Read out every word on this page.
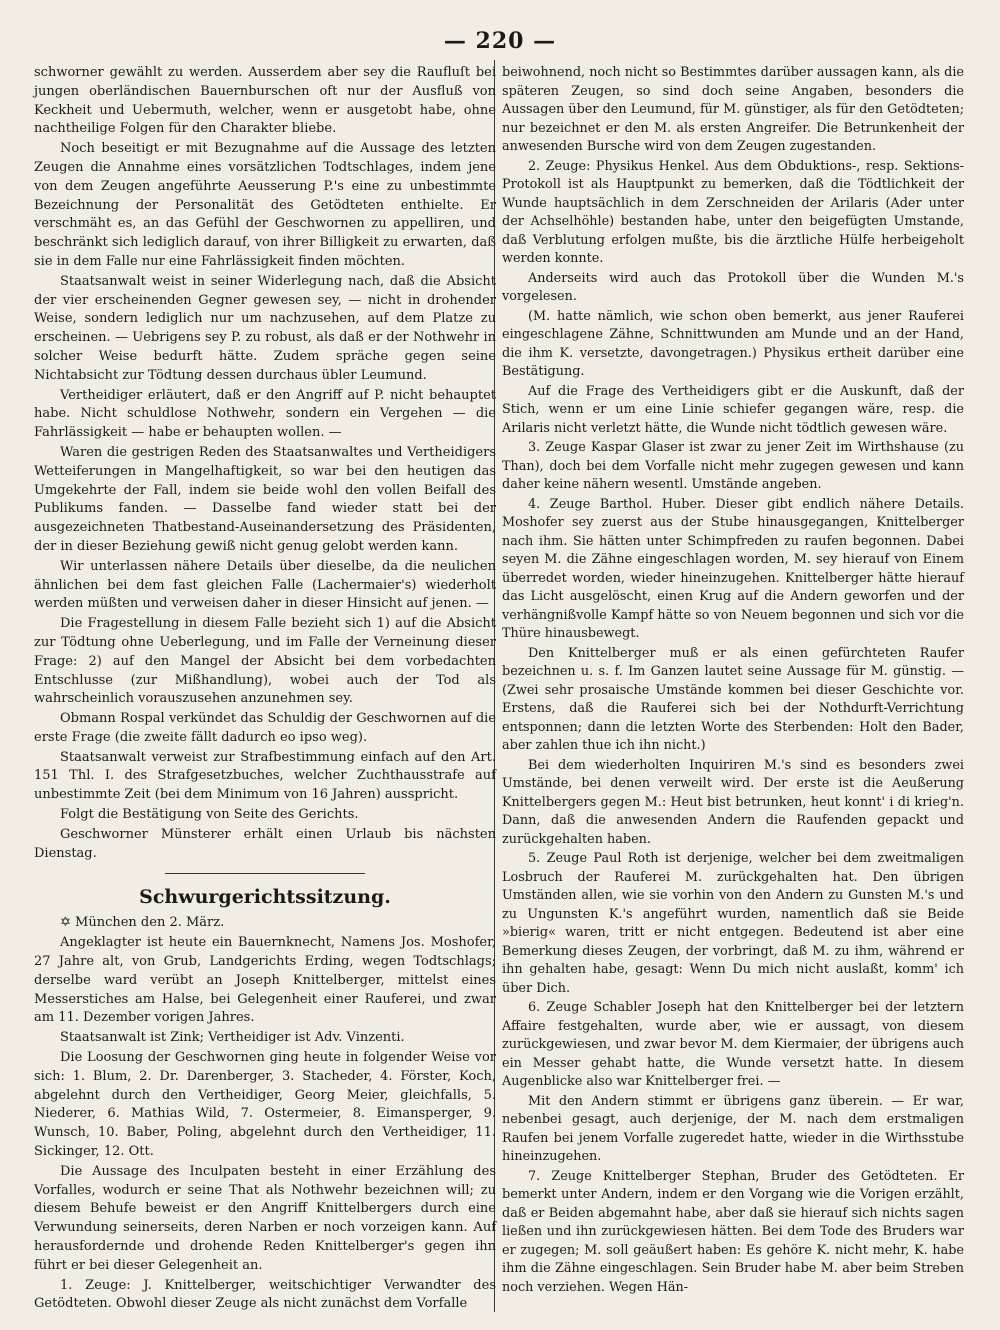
— 220 —

schworner gewählt zu werden. Ausserdem aber sey die Raufluſt bei jungen oberländischen Bauernburschen oft nur der Ausfluß von Keckheit und Uebermuth, welcher, wenn er ausgetobt habe, ohne nachtheilige Folgen für den Charakter bliebe.

Noch beseitigt er mit Bezugnahme auf die Aussage des letzten Zeugen die Annahme eines vorsätzlichen Todtschlages, indem jene von dem Zeugen angeführte Aeusserung P.'s eine zu unbestimmte Bezeichnung der Personalität des Getödteten enthielte. Er verschmäht es, an das Gefühl der Geschwornen zu appelliren, und beschränkt sich lediglich darauf, von ihrer Billigkeit zu erwarten, daß sie in dem Falle nur eine Fahrlässigkeit finden möchten.

Staatsanwalt weist in seiner Widerlegung nach, daß die Absicht der vier erscheinenden Gegner gewesen sey, — nicht in drohender Weise, sondern lediglich nur um nachzusehen, auf dem Platze zu erscheinen. — Uebrigens sey P. zu robust, als daß er der Nothwehr in solcher Weise bedurft hätte. Zudem spräche gegen seine Nichtabsicht zur Tödtung dessen durchaus übler Leumund.

Vertheidiger erläutert, daß er den Angriff auf P. nicht behauptet habe. Nicht schuldlose Nothwehr, sondern ein Vergehen — die Fahrlässigkeit — habe er behaupten wollen. —

Waren die gestrigen Reden des Staatsanwaltes und Vertheidigers Wetteiferungen in Mangelhaftigkeit, so war bei den heutigen das Umgekehrte der Fall, indem sie beide wohl den vollen Beifall des Publikums fanden. — Dasselbe fand wieder statt bei der ausgezeichneten Thatbestand-Auseinandersetzung des Präsidenten, der in dieser Beziehung gewiß nicht genug gelobt werden kann.

Wir unterlassen nähere Details über dieselbe, da die neulichen ähnlichen bei dem fast gleichen Falle (Lachermaier's) wiederholt werden müßten und verweisen daher in dieser Hinsicht auf jenen. —

Die Fragestellung in diesem Falle bezieht sich 1) auf die Absicht zur Tödtung ohne Ueberlegung, und im Falle der Verneinung dieser Frage: 2) auf den Mangel der Absicht bei dem vorbedachten Entschlusse (zur Mißhandlung), wobei auch der Tod als wahrscheinlich vorauszusehen anzunehmen sey.

Obmann Rospal verkündet das Schuldig der Geschwornen auf die erste Frage (die zweite fällt dadurch eo ipso weg).

Staatsanwalt verweist zur Strafbestimmung einfach auf den Art. 151 Thl. I. des Strafgesetzbuches, welcher Zuchthausstrafe auf unbestimmte Zeit (bei dem Minimum von 16 Jahren) ausspricht.

Folgt die Bestätigung von Seite des Gerichts.

Geschworner Münsterer erhält einen Urlaub bis nächsten Dienstag.

Schwurgerichtssitzung.

✡ München den 2. März.

Angeklagter ist heute ein Bauernknecht, Namens Jos. Moshofer, 27 Jahre alt, von Grub, Landgerichts Erding, wegen Todtschlags; derselbe ward verübt an Joseph Knittelberger, mittelst eines Messerstiches am Halse, bei Gelegenheit einer Rauferei, und zwar am 11. Dezember vorigen Jahres.

Staatsanwalt ist Zink; Vertheidiger ist Adv. Vinzenti.

Die Loosung der Geschwornen ging heute in folgender Weise vor sich: 1. Blum, 2. Dr. Darenberger, 3. Stacheder, 4. Förster, Koch, abgelehnt durch den Vertheidiger, Georg Meier, gleichfalls, 5. Niederer, 6. Mathias Wild, 7. Ostermeier, 8. Eimansperger, 9. Wunsch, 10. Baber, Poling, abgelehnt durch den Vertheidiger, 11. Sickinger, 12. Ott.

Die Aussage des Inculpaten besteht in einer Erzählung des Vorfalles, wodurch er seine That als Nothwehr bezeichnen will; zu diesem Behufe beweist er den Angriff Knittelbergers durch eine Verwundung seinerseits, deren Narben er noch vorzeigen kann. Auf herausfordernde und drohende Reden Knittelberger's gegen ihn führt er bei dieser Gelegenheit an.

1. Zeuge: J. Knittelberger, weitschichtiger Verwandter des Getödteten. Obwohl dieser Zeuge als nicht zunächst dem Vorfalle

beiwohnend, noch nicht so Bestimmtes darüber aussagen kann, als die späteren Zeugen, so sind doch seine Angaben, besonders die Aussagen über den Leumund, für M. günstiger, als für den Getödteten; nur bezeichnet er den M. als ersten Angreifer. Die Betrunkenheit der anwesenden Bursche wird von dem Zeugen zugestanden.

2. Zeuge: Physikus Henkel. Aus dem Obduktions-, resp. Sektions-Protokoll ist als Hauptpunkt zu bemerken, daß die Tödtlichkeit der Wunde hauptsächlich in dem Zerschneiden der Arilaris (Ader unter der Achselhöhle) bestanden habe, unter den beigefügten Umstande, daß Verblutung erfolgen mußte, bis die ärztliche Hülfe herbeigeholt werden konnte.

Anderseits wird auch das Protokoll über die Wunden M.'s vorgelesen.

(M. hatte nämlich, wie schon oben bemerkt, aus jener Rauferei eingeschlagene Zähne, Schnittwunden am Munde und an der Hand, die ihm K. versetzte, davongetragen.) Physikus ertheit darüber eine Bestätigung.

Auf die Frage des Vertheidigers gibt er die Auskunft, daß der Stich, wenn er um eine Linie schiefer gegangen wäre, resp. die Arilaris nicht verletzt hätte, die Wunde nicht tödtlich gewesen wäre.

3. Zeuge Kaspar Glaser ist zwar zu jener Zeit im Wirthshause (zu Than), doch bei dem Vorfalle nicht mehr zugegen gewesen und kann daher keine nähern wesentl. Umstände angeben.

4. Zeuge Barthol. Huber. Dieser gibt endlich nähere Details. Moshofer sey zuerst aus der Stube hinausgegangen, Knittelberger nach ihm. Sie hätten unter Schimpfreden zu raufen begonnen. Dabei seyen M. die Zähne eingeschlagen worden, M. sey hierauf von Einem überredet worden, wieder hineinzugehen. Knittelberger hätte hierauf das Licht ausgelöscht, einen Krug auf die Andern geworfen und der verhängnißvolle Kampf hätte so von Neuem begonnen und sich vor die Thüre hinausbewegt.

Den Knittelberger muß er als einen gefürchteten Raufer bezeichnen u. s. f. Im Ganzen lautet seine Aussage für M. günstig. — (Zwei sehr prosaische Umstände kommen bei dieser Geschichte vor. Erstens, daß die Rauferei sich bei der Nothdurft-Verrichtung entsponnen; dann die letzten Worte des Sterbenden: Holt den Bader, aber zahlen thue ich ihn nicht.)

Bei dem wiederholten Inquiriren M.'s sind es besonders zwei Umstände, bei denen verweilt wird. Der erste ist die Aeußerung Knittelbergers gegen M.: Heut bist betrunken, heut konnt' i di krieg'n. Dann, daß die anwesenden Andern die Raufenden gepackt und zurückgehalten haben.

5. Zeuge Paul Roth ist derjenige, welcher bei dem zweitmaligen Losbruch der Rauferei M. zurückgehalten hat. Den übrigen Umständen allen, wie sie vorhin von den Andern zu Gunsten M.'s und zu Ungunsten K.'s angeführt wurden, namentlich daß sie Beide »bierig« waren, tritt er nicht entgegen. Bedeutend ist aber eine Bemerkung dieses Zeugen, der vorbringt, daß M. zu ihm, während er ihn gehalten habe, gesagt: Wenn Du mich nicht auslaßt, komm' ich über Dich.

6. Zeuge Schabler Joseph hat den Knittelberger bei der letztern Affaire festgehalten, wurde aber, wie er aussagt, von diesem zurückgewiesen, und zwar bevor M. dem Kiermaier, der übrigens auch ein Messer gehabt hatte, die Wunde versetzt hatte. In diesem Augenblicke also war Knittelberger frei. —

Mit den Andern stimmt er übrigens ganz überein. — Er war, nebenbei gesagt, auch derjenige, der M. nach dem erstmaligen Raufen bei jenem Vorfalle zugeredet hatte, wieder in die Wirthsstube hineinzugehen.

7. Zeuge Knittelberger Stephan, Bruder des Getödteten. Er bemerkt unter Andern, indem er den Vorgang wie die Vorigen erzählt, daß er Beiden abgemahnt habe, aber daß sie hierauf sich nichts sagen ließen und ihn zurückgewiesen hätten. Bei dem Tode des Bruders war er zugegen; M. soll geäußert haben: Es gehöre K. nicht mehr, K. habe ihm die Zähne eingeschlagen. Sein Bruder habe M. aber beim Streben noch verziehen. Wegen Hän-
